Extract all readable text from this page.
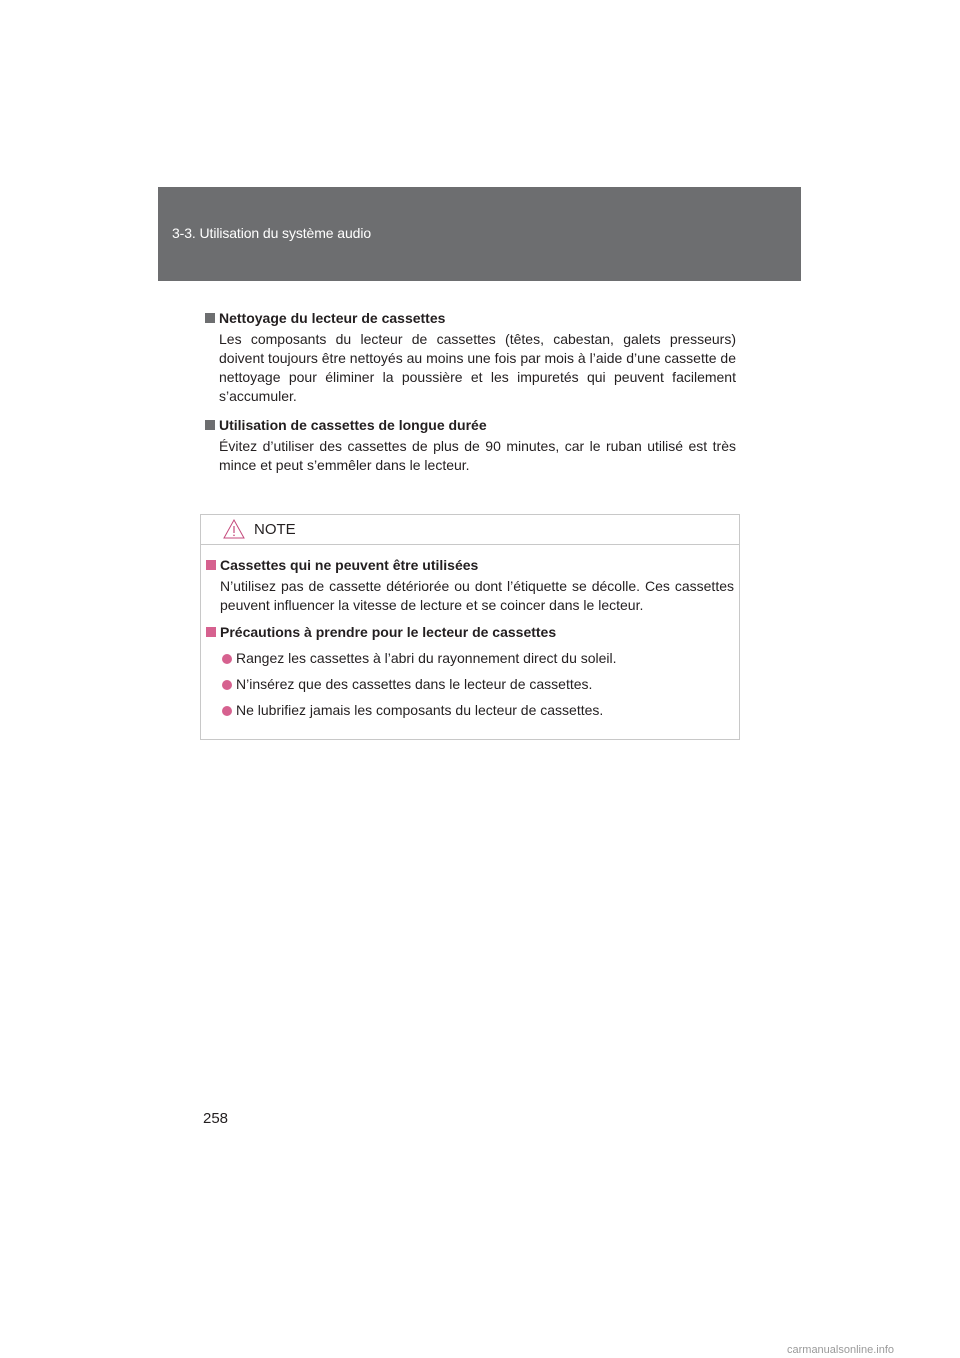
3-3. Utilisation du système audio
Nettoyage du lecteur de cassettes
Les composants du lecteur de cassettes (têtes, cabestan, galets presseurs) doivent toujours être nettoyés au moins une fois par mois à l’aide d’une cassette de nettoyage pour éliminer la poussière et les impuretés qui peuvent facilement s’accumuler.
Utilisation de cassettes de longue durée
Évitez d’utiliser des cassettes de plus de 90 minutes, car le ruban utilisé est très mince et peut s’emmêler dans le lecteur.
NOTE
Cassettes qui ne peuvent être utilisées
N’utilisez pas de cassette détériorée ou dont l’étiquette se décolle. Ces cassettes peuvent influencer la vitesse de lecture et se coincer dans le lecteur.
Précautions à prendre pour le lecteur de cassettes
Rangez les cassettes à l’abri du rayonnement direct du soleil.
N’insérez que des cassettes dans le lecteur de cassettes.
Ne lubrifiez jamais les composants du lecteur de cassettes.
258
carmanualsonline.info
